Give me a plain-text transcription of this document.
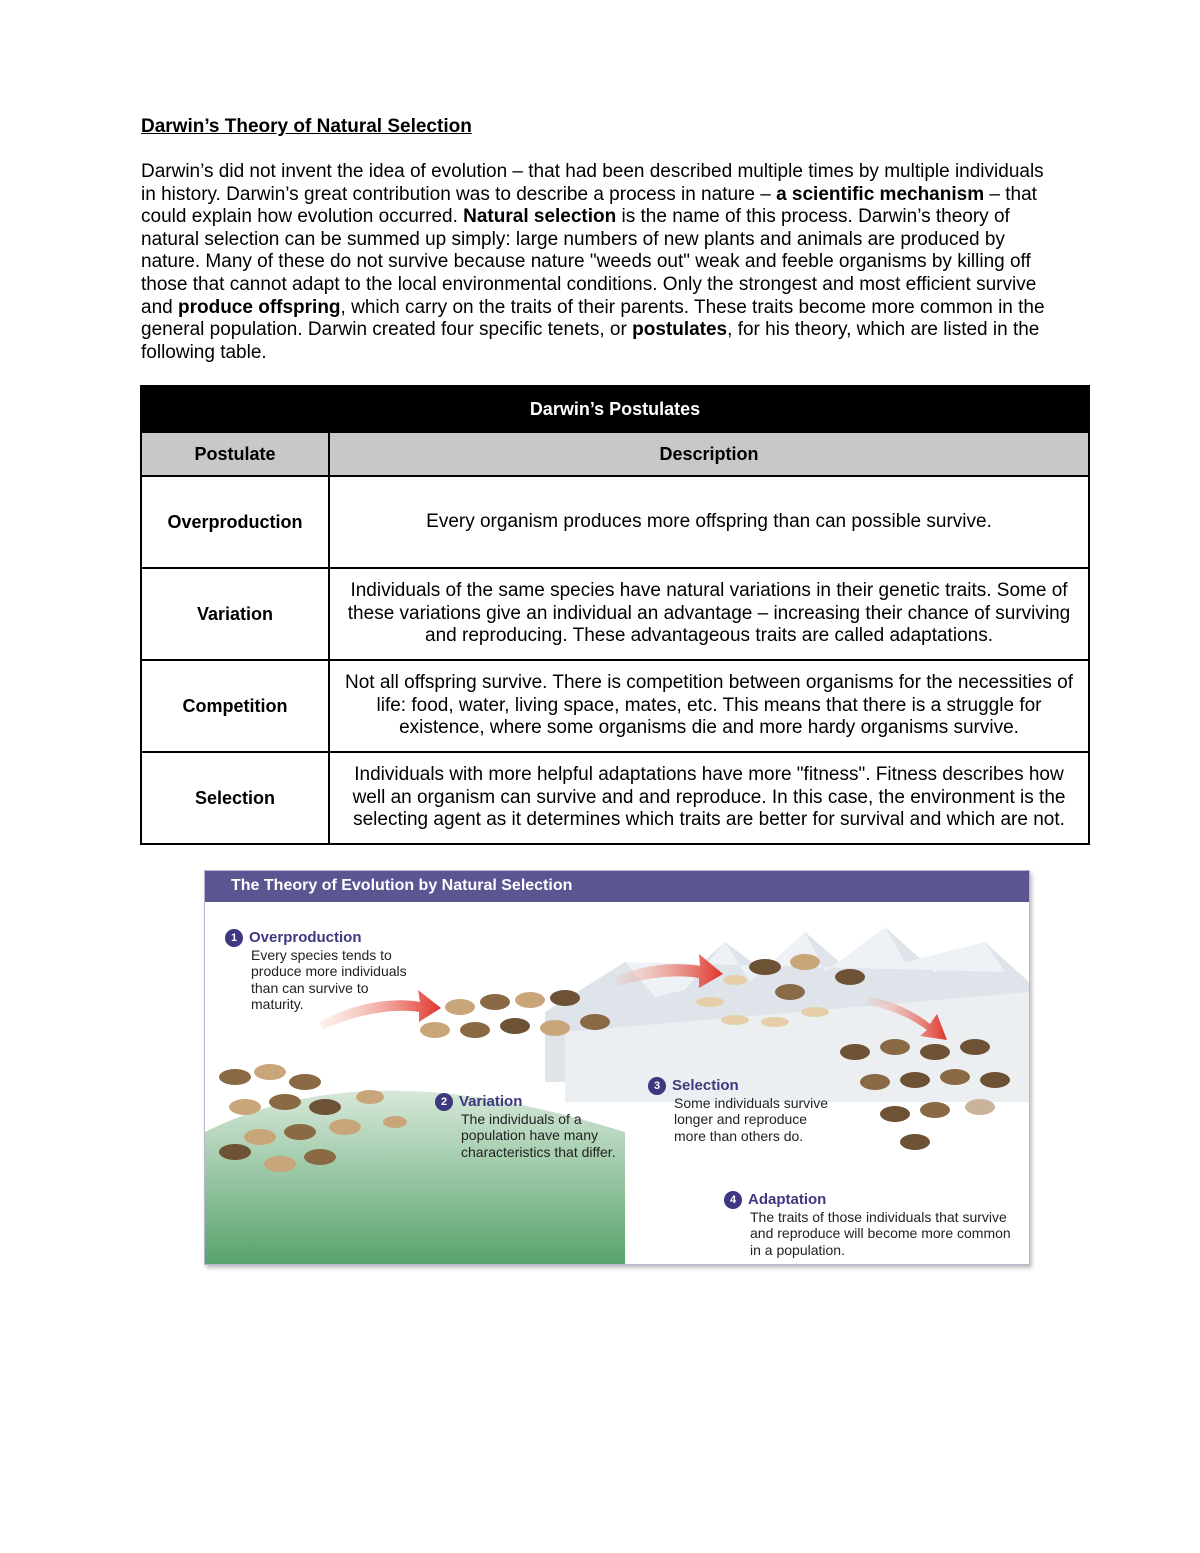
Darwin’s Theory of Natural Selection

Darwin’s did not invent the idea of evolution – that had been described multiple times by multiple individuals in history. Darwin’s great contribution was to describe a process in nature – a scientific mechanism – that could explain how evolution occurred. Natural selection is the name of this process. Darwin’s theory of natural selection can be summed up simply: large numbers of new plants and animals are produced by nature. Many of these do not survive because nature "weeds out" weak and feeble organisms by killing off those that cannot adapt to the local environmental conditions. Only the strongest and most efficient survive and produce offspring, which carry on the traits of their parents. These traits become more common in the general population. Darwin created four specific tenets, or postulates, for his theory, which are listed in the following table.

Darwin’s Postulates	
Postulate	Description
Overproduction	Every organism produces more offspring than can possible survive.
Variation	Individuals of the same species have natural variations in their genetic traits. Some of these variations give an individual an advantage – increasing their chance of surviving and reproducing. These advantageous traits are called adaptations.
Competition	Not all offspring survive. There is competition between organisms for the necessities of life: food, water, living space, mates, etc. This means that there is a struggle for existence, where some organisms die and more hardy organisms survive.
Selection	Individuals with more helpful adaptations have more "fitness". Fitness describes how well an organism can survive and and reproduce. In this case, the environment is the selecting agent as it determines which traits are better for survival and which are not.
The Theory of Evolution by Natural Selection
1 Overproduction
Every species tends to produce more individuals than can survive to maturity.
2 Variation
The individuals of a population have many characteristics that differ.
3 Selection
Some individuals survive longer and reproduce more than others do.
4 Adaptation
The traits of those individuals that survive and reproduce will become more common in a population.
